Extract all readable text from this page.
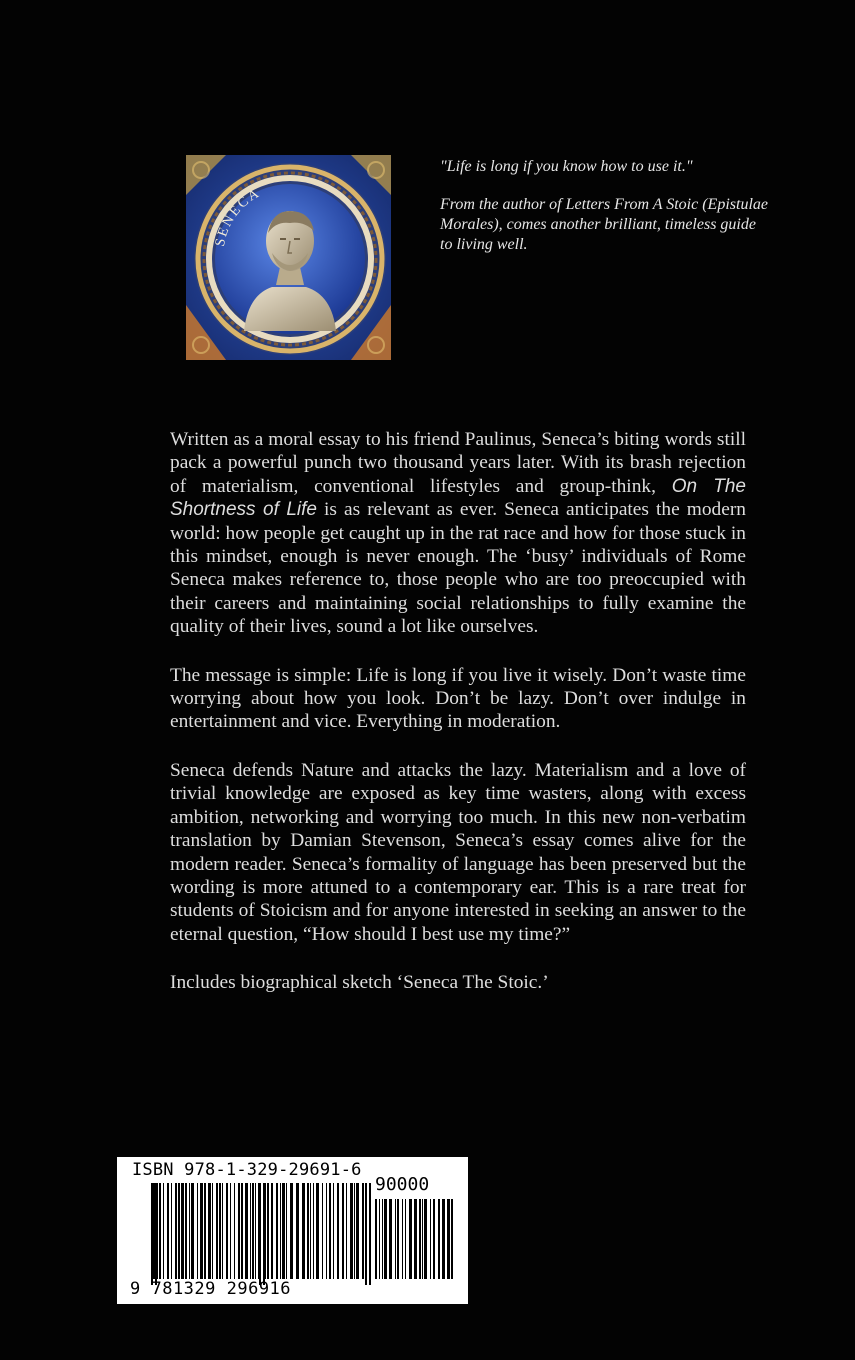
SENECA

"Life is long if you know how to use it."

From the author of Letters From A Stoic (Epistulae Morales), comes another brilliant, timeless guide to living well.

Written as a moral essay to his friend Paulinus, Seneca’s biting words still pack a powerful punch two thousand years later. With its brash rejection of materialism, conventional lifestyles and group-think, On The Shortness of Life is as relevant as ever. Seneca anticipates the modern world: how people get caught up in the rat race and how for those stuck in this mindset, enough is never enough. The ‘busy’ individuals of Rome Seneca makes reference to, those people who are too preoccupied with their careers and maintaining social relationships to fully examine the quality of their lives, sound a lot like ourselves.

The message is simple: Life is long if you live it wisely. Don’t waste time worrying about how you look. Don’t be lazy. Don’t over indulge in entertainment and vice. Everything in moderation.

Seneca defends Nature and attacks the lazy. Materialism and a love of trivial knowledge are exposed as key time wasters, along with excess ambition, networking and worrying too much. In this new non-verbatim translation by Damian Stevenson, Seneca’s essay comes alive for the modern reader. Seneca’s formality of language has been preserved but the wording is more attuned to a contemporary ear. This is a rare treat for students of Stoicism and for anyone interested in seeking an answer to the eternal question, “How should I best use my time?”

Includes biographical sketch ‘Seneca The Stoic.’

ISBN 978-1-329-29691-6
90000
9 781329 296916
